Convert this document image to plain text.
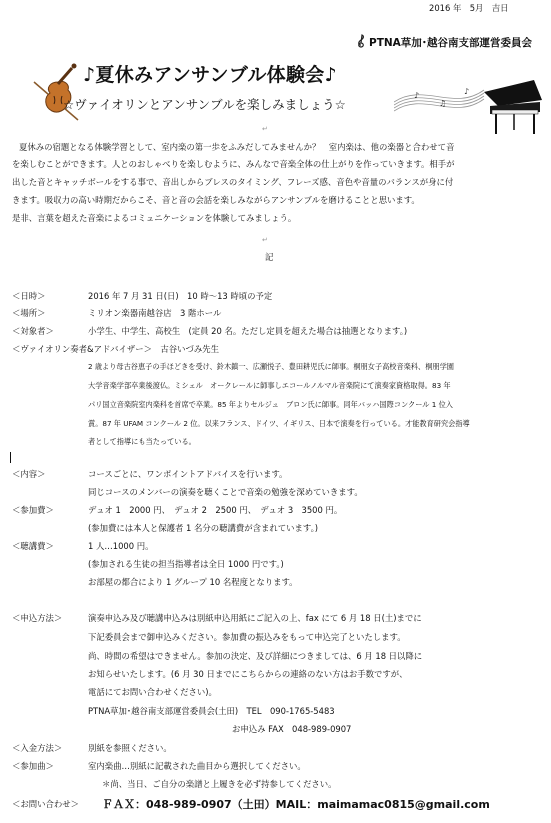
2016 年　5月　吉日
PTNA草加･越谷南支部運営委員会
♪夏休みアンサンブル体験会♪
♪
♫
♪
☆ヴァイオリンとアンサンブルを楽しみましょう☆
↵
夏休みの宿題となる体験学習として、室内楽の第一歩をふみだしてみませんか？　室内楽は、他の楽器と合わせて音
を楽しむことができます。人とのおしゃべりを楽しむように、みんなで音楽全体の仕上がりを作っていきます。相手が
出した音とキャッチボールをする事で、音出しからブレスのタイミング、フレーズ感、音色や音量のバランスが身に付
きます。吸収力の高い時期だからこそ、音と音の会話を楽しみながらアンサンブルを磨けることと思います。
是非、言葉を超えた音楽によるコミュニケーションを体験してみましょう。
↵
記
＜日時＞	2016 年 7 月 31 日(日)　10 時～13 時頃の予定
＜場所＞	ミリオン楽器南越谷店　3 階ホール
＜対象者＞	小学生、中学生、高校生　(定員 20 名。ただし定員を超えた場合は抽選となります。)
＜ヴァイオリン奏者&アドバイザー＞　古谷いづみ先生
2 歳より母古谷恵子の手ほどきを受け、鈴木鎮一、広瀬悦子、豊田耕児氏に師事。桐朋女子高校音楽科、桐朋学園
大学音楽学部卒業後渡仏。ミシェル　オークレールに師事しエコールノルマル音楽院にて演奏家資格取得。83 年
パリ国立音楽院室内楽科を首席で卒業。85 年よりセルジュ　ブロン氏に師事。同年バッハ国際コンクール 1 位入
賞。87 年 UFAM コンクール 2 位。以来フランス、ドイツ、イギリス、日本で演奏を行っている。才能教育研究会指導
者として指導にも当たっている。
＜内容＞	コースごとに、ワンポイントアドバイスを行います。
同じコースのメンバーの演奏を聴くことで音楽の勉強を深めていきます。
＜参加費＞	デュオ 1　2000 円、　デュオ 2　2500 円、　デュオ 3　3500 円。
(参加費には本人と保護者 1 名分の聴講費が含まれています。)
＜聴講費＞	1 人…1000 円。
(参加される生徒の担当指導者は全日 1000 円です。)
お部屋の都合により 1 グループ 10 名程度となります。
＜申込方法＞	演奏申込み及び聴講申込みは別紙申込用紙にご記入の上、fax にて 6 月 18 日(土)までに
下記委員会まで御申込みください。参加費の振込みをもって申込完了といたします。
尚、時間の希望はできません。参加の決定、及び詳細につきましては、6 月 18 日以降に
お知らせいたします。(6 月 30 日までにこちらからの連絡のない方はお手数ですが、
電話にてお問い合わせください)。
PTNA草加･越谷南支部運営委員会(土田)　TEL　090-1765-5483
お申込み FAX　048-989-0907
＜入金方法＞	別紙を参照ください。
＜参加曲＞	室内楽曲…別紙に記載された曲目から選択してください。
＊尚、当日、ご自分の楽譜と上履きを必ず持参してください。
＜お問い合わせ＞ ＦＡＸ：048-989-0907（土田）MAIL：maimamac0815@gmail.com
